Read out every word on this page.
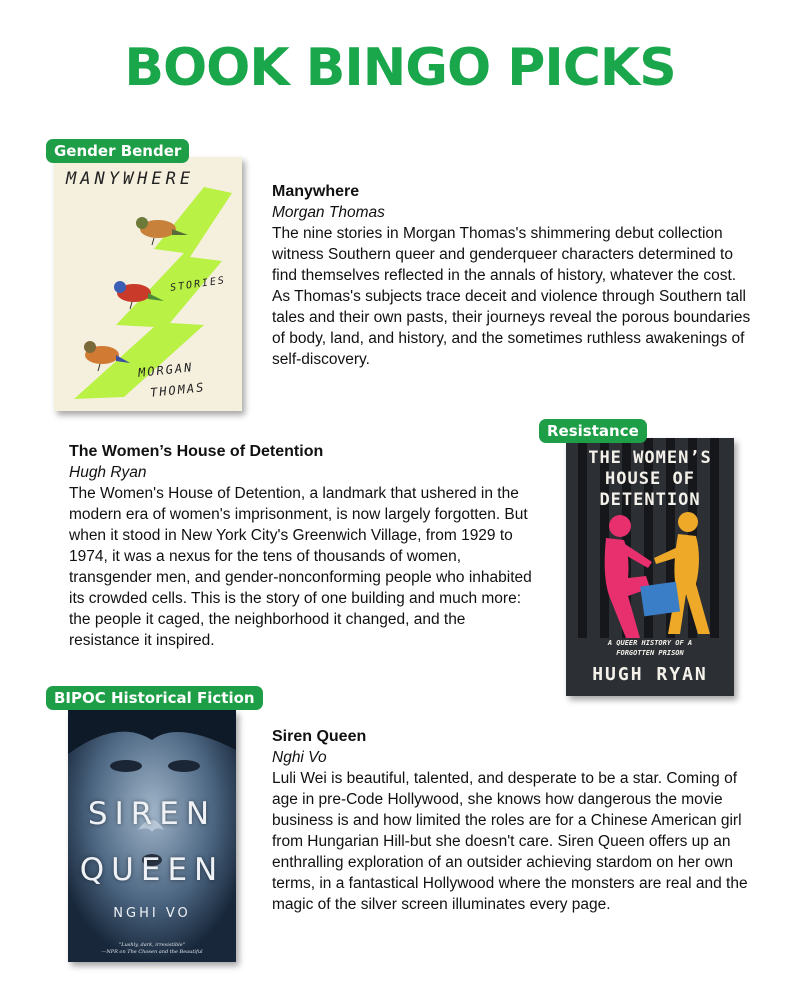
BOOK BINGO PICKS
Gender Bender
MANYWHERE
STORIES
MORGAN
THOMAS
Manywhere
Morgan Thomas

The nine stories in Morgan Thomas's shimmering debut collection witness Southern queer and genderqueer characters determined to find themselves reflected in the annals of history, whatever the cost. As Thomas's subjects trace deceit and violence through Southern tall tales and their own pasts, their journeys reveal the porous boundaries of body, land, and history, and the sometimes ruthless awakenings of self-discovery.

The Women’s House of Detention
Hugh Ryan

The Women's House of Detention, a landmark that ushered in the modern era of women's imprisonment, is now largely forgotten. But when it stood in New York City's Greenwich Village, from 1929 to 1974, it was a nexus for the tens of thousands of women, transgender men, and gender-nonconforming people who inhabited its crowded cells. This is the story of one building and much more: the people it caged, the neighborhood it changed, and the resistance it inspired.

Resistance
THE WOMEN’S
HOUSE OF
DETENTION
A QUEER HISTORY OF A
FORGOTTEN PRISON
HUGH RYAN
BIPOC Historical Fiction
SIREN
QUEEN
NGHI VO
"Lushly, dark, irresistible"
—NPR on The Chosen and the Beautiful
Siren Queen
Nghi Vo

Luli Wei is beautiful, talented, and desperate to be a star. Coming of age in pre-Code Hollywood, she knows how dangerous the movie business is and how limited the roles are for a Chinese American girl from Hungarian Hill-but she doesn't care. Siren Queen offers up an enthralling exploration of an outsider achieving stardom on her own terms, in a fantastical Hollywood where the monsters are real and the magic of the silver screen illuminates every page.
